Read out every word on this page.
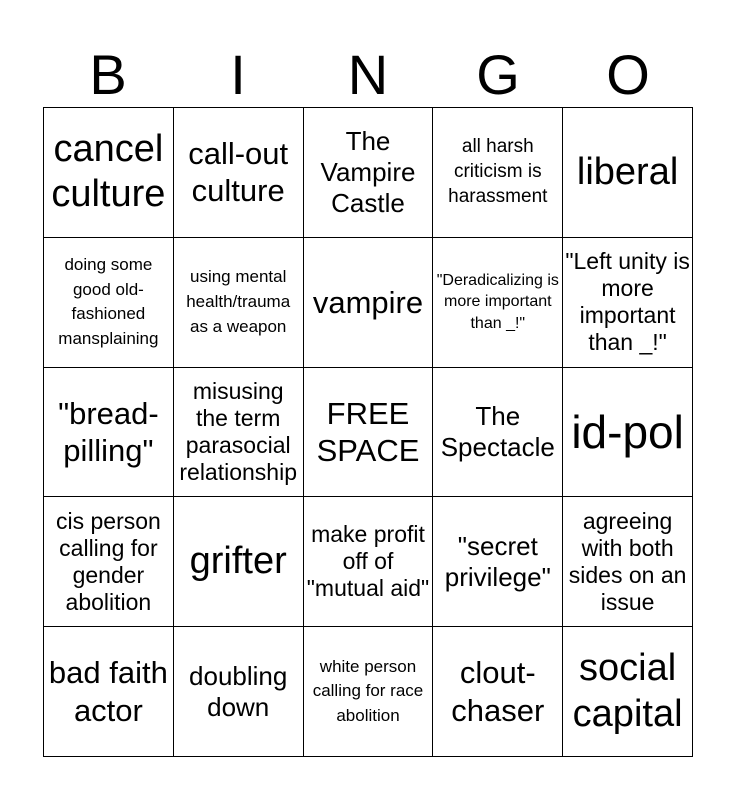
B	I	N	G	O
cancel culture
call-out culture
The Vampire Castle
all harsh criticism is harassment
liberal
doing some good old-fashioned mansplaining
using mental health/trauma as a weapon
vampire
"Deradicalizing is more important than _!"
"Left unity is more important than _!"
"bread-pilling"
misusing the term parasocial relationship
FREE SPACE
The Spectacle id-pol
cis person calling for gender abolition
grifter
make profit off of "mutual aid"
"secret privilege"
agreeing with both sides on an issue
bad faith actor
doubling down
white person calling for race abolition
clout-chaser
social capital
